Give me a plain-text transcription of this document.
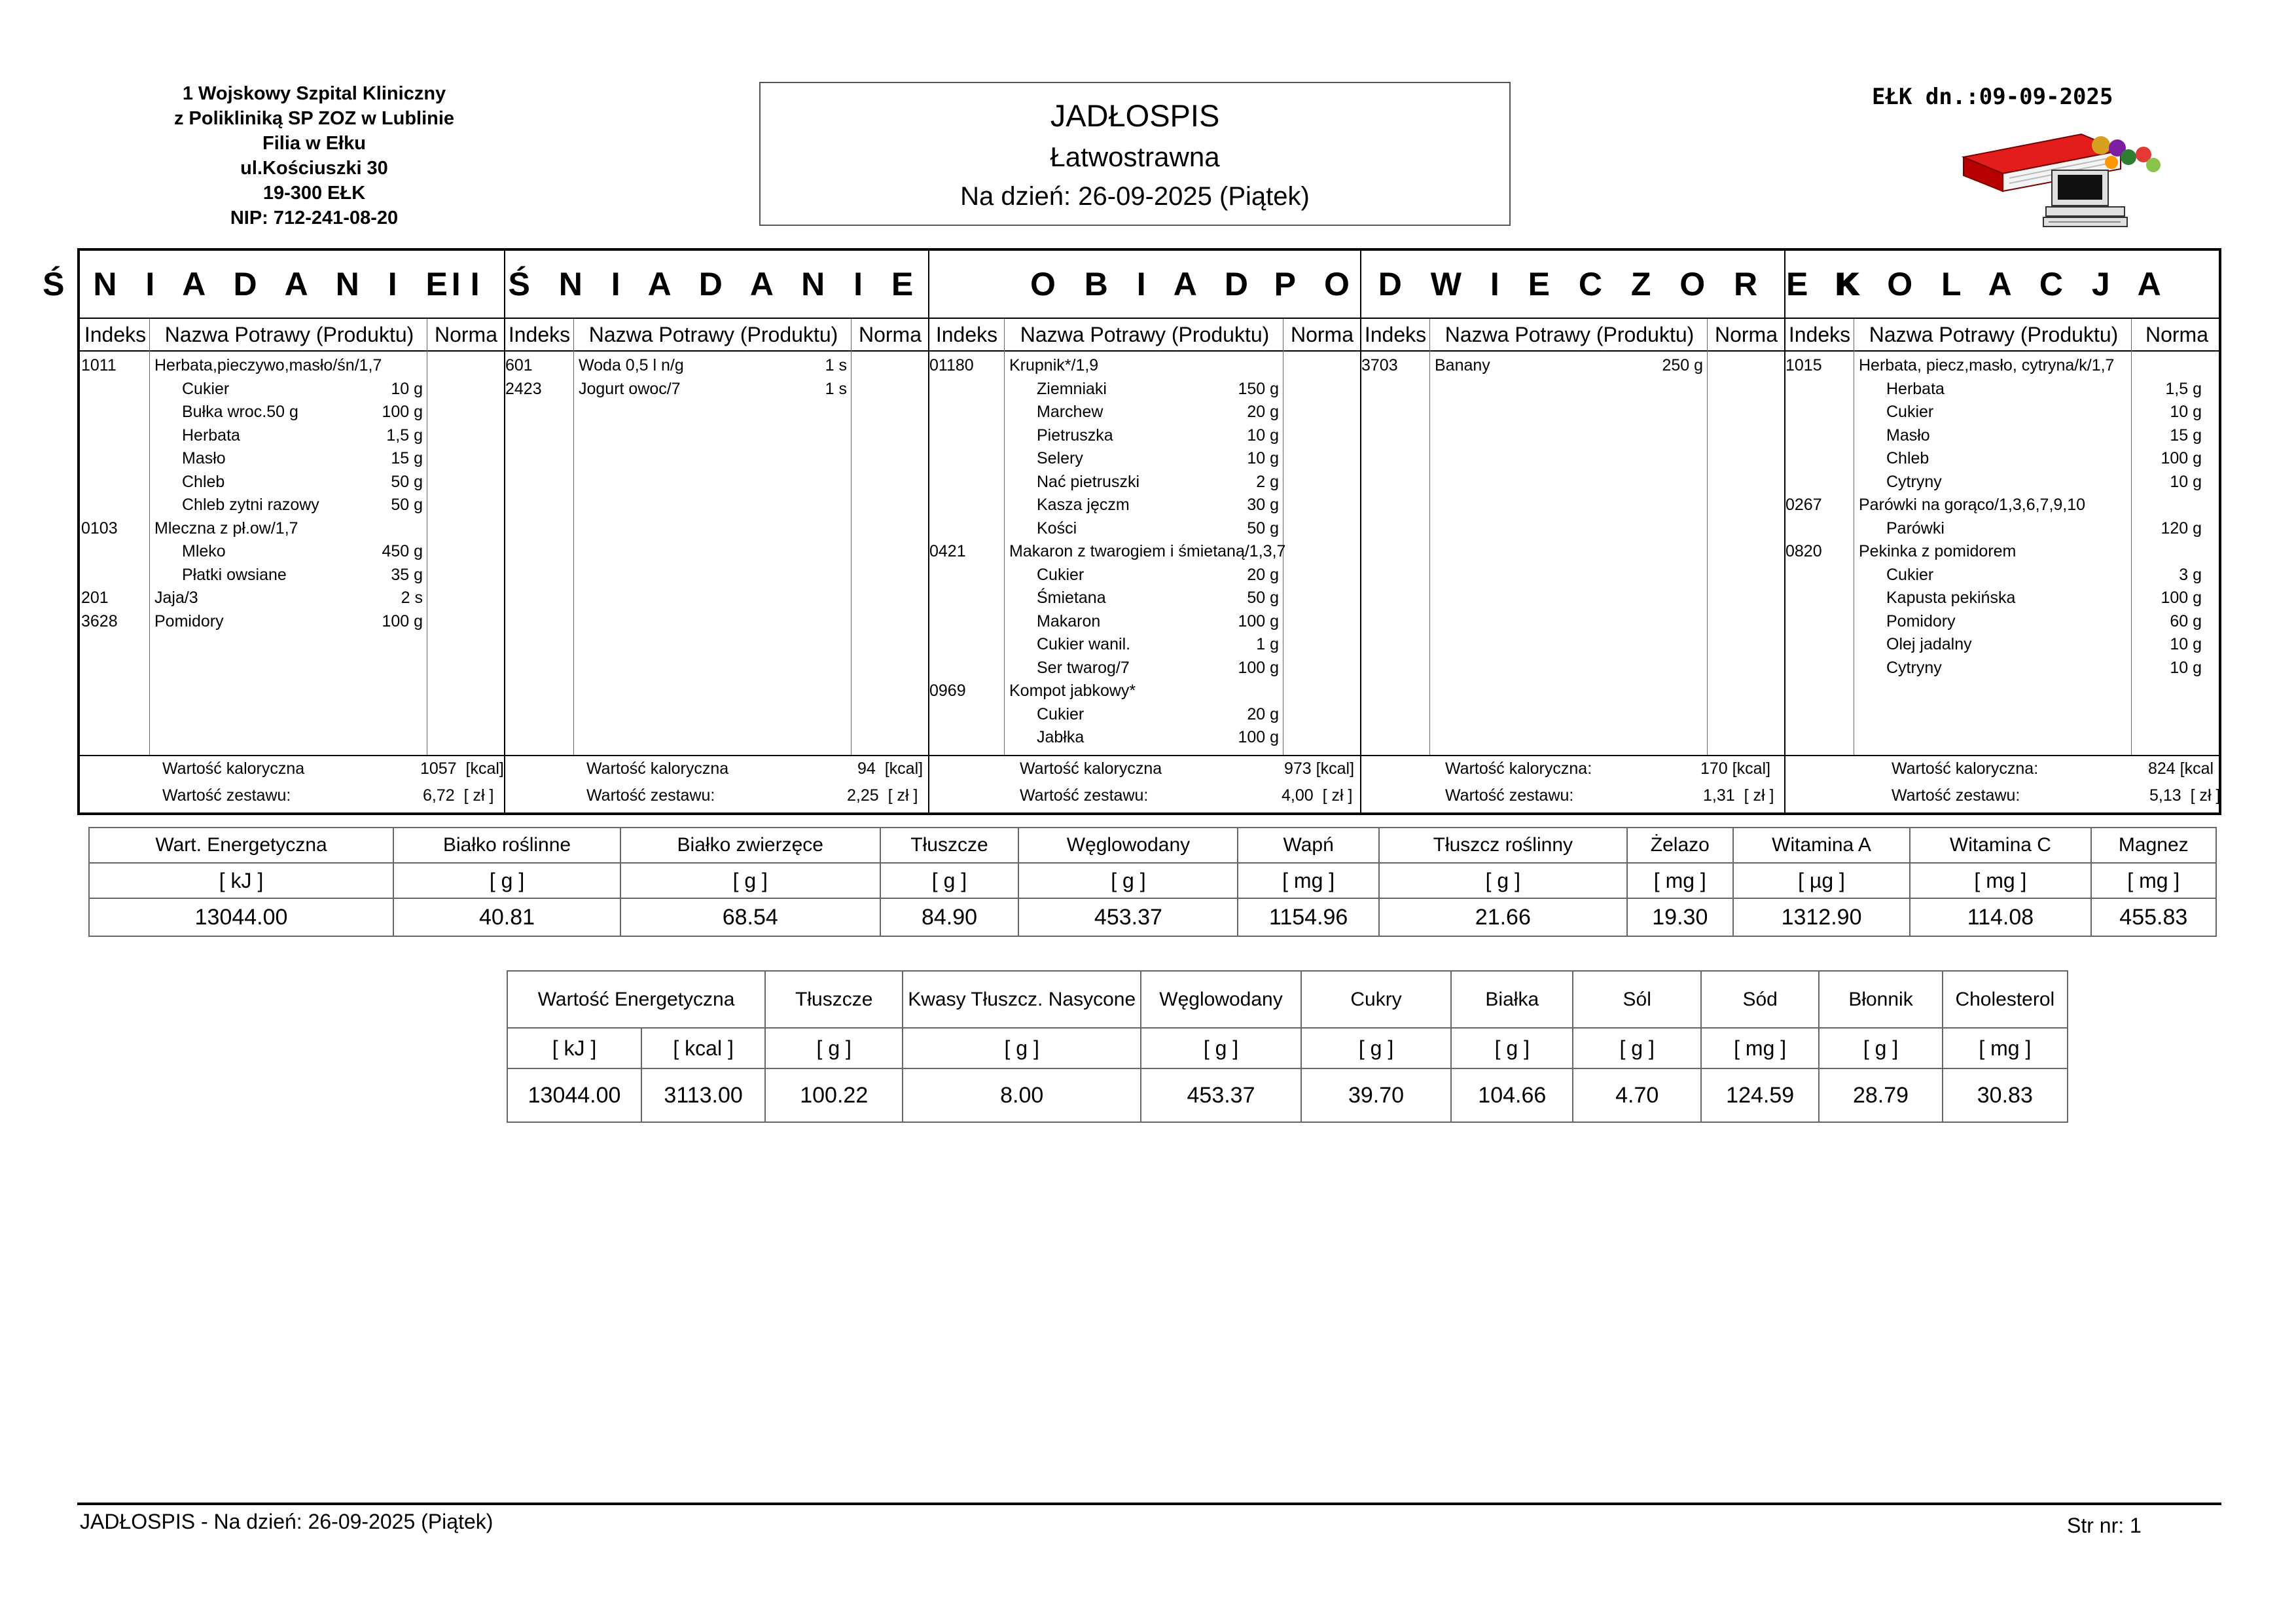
1 Wojskowy Szpital Kliniczny
z Polikliniką SP ZOZ w Lublinie
Filia w Ełku
ul.Kościuszki 30
19-300 EŁK
NIP: 712-241-08-20
JADŁOSPIS
Łatwostrawna
Na dzień: 26-09-2025 (Piątek)
EŁK dn.:09-09-2025
Ś N I A D A N I E
Indeks Nazwa Potrawy (Produktu) Norma
1011 Herbata,pieczywo,masło/śn/1,7
Cukier	10 g
Bułka wroc.50 g	100 g
Herbata	1,5 g
Masło	15 g
Chleb	50 g
Chleb zytni razowy	50 g
0103 Mleczna z pł.ow/1,7
Mleko	450 g
Płatki owsiane	35 g
201	Jaja/3	2 s
3628 Pomidory	100 g
Wartość kaloryczna	1057 [kcal]
Wartość zestawu:	6,72 [ zł ]
II Ś N I A D A N I E
Indeks Nazwa Potrawy (Produktu) Norma
601	Woda 0,5 l n/g	1 s
2423 Jogurt owoc/7	1 s
Wartość kaloryczna	94 [kcal]
Wartość zestawu:	2,25 [ zł ]
O B I A D
Indeks	Nazwa Potrawy (Produktu)	Norma
01180 Krupnik*/1,9
Ziemniaki	150 g
Marchew	20 g
Pietruszka	10 g
Selery	10 g
Nać pietruszki	2 g
Kasza jęczm	30 g
Kości	50 g
0421	Makaron z twarogiem i śmietaną/1,3,7
Cukier	20 g
Śmietana	50 g
Makaron	100 g
Cukier wanil.	1 g
Ser twarog/7	100 g
0969	Kompot jabkowy*
Cukier	20 g
Jabłka	100 g
Wartość kaloryczna	973 [kcal]
Wartość zestawu:	4,00 [ zł ]
P O D W I E C Z O R E K
Indeks Nazwa Potrawy (Produktu) Norma
3703 Banany	250 g
Wartość kaloryczna:	170 [kcal]
Wartość zestawu:	1,31 [ zł ]
K O L A C J A
Indeks Nazwa Potrawy (Produktu)	Norma
1015 Herbata, piecz,masło, cytryna/k/1,7
Herbata	1,5 g
Cukier	10 g
Masło	15 g
Chleb	100 g
Cytryny	10 g
0267 Parówki na gorąco/1,3,6,7,9,10
Parówki	120 g
0820 Pekinka z pomidorem
Cukier	3 g
Kapusta pekińska	100 g
Pomidory	60 g
Olej jadalny	10 g
Cytryny	10 g
Wartość kaloryczna:	824 [kcal
Wartość zestawu:	5,13 [ zł ]
Wart. Energetyczna	Białko roślinne	Białko zwierzęce	Tłuszcze	Węglowodany	Wapń	Tłuszcz roślinny	Żelazo	Witamina A	Witamina C	Magnez
[ kJ ]	[ g ]	[ g ]	[ g ]	[ g ]	[ mg ]	[ g ]	[ mg ]	[ µg ]	[ mg ]	[ mg ]
13044.00	40.81	68.54	84.90	453.37	1154.96	21.66	19.30	1312.90	114.08	455.83
Wartość Energetyczna		Tłuszcze	Kwasy Tłuszcz. Nasycone	Węglowodany	Cukry	Białka	Sól	Sód	Błonnik	Cholesterol
[ kJ ]	[ kcal ]	[ g ]	[ g ]	[ g ]	[ g ]	[ g ]	[ g ]	[ mg ]	[ g ]	[ mg ]
13044.00	3113.00	100.22	8.00	453.37	39.70	104.66	4.70	124.59	28.79	30.83
JADŁOSPIS - Na dzień: 26-09-2025 (Piątek)	Str nr: 1
